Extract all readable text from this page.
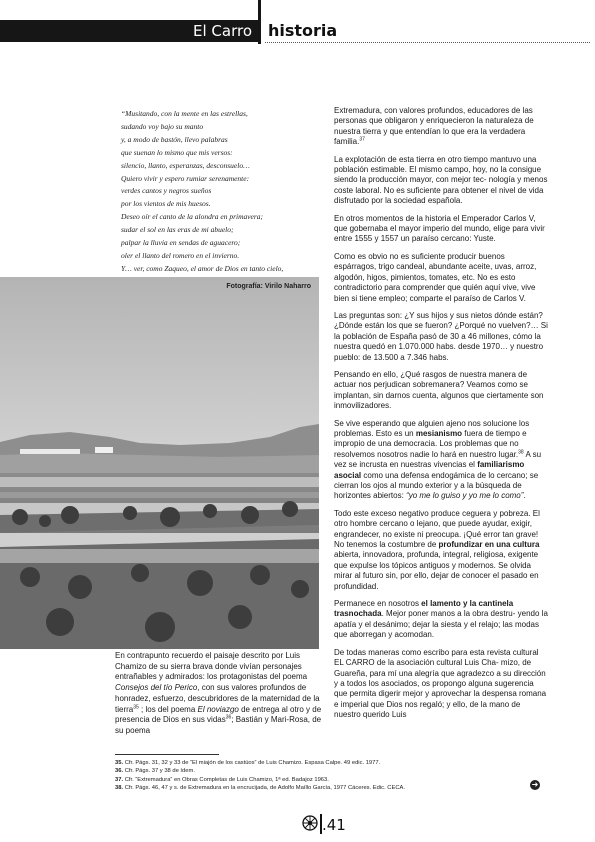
El Carro historia
“Musitando, con la mente en las estrellas,
sudando voy bajo su manto
y, a modo de bastón, llevo palabras
que suenan lo mismo que mis versos:
silencio, llanto, esperanzas, desconsuelo…
Quiero vivir y espero rumiar serenamente:
verdes cantos y negros sueños
por los vientos de mis huesos.
Deseo oír el canto de la alondra en primavera;
sudar el sol en las eras de mi abuelo;
palpar la lluvia en sendas de aguacero;
oler el llanto del romero en el invierno.
Y… ver, como Zaqueo, el amor de Dios en tanto cielo,
Fotografía: Virilo Naharro

En contrapunto recuerdo el paisaje descrito por Luis Chamizo de su sierra brava donde vivían personajes entrañables y admirados: los protagonistas del poema Consejos del tío Perico, con sus valores profundos de honradez, esfuerzo, descubridores de la maternidad de la tierra$^{35}$ ; los del poema El noviazgo de entrega al otro y de presencia de Dios en sus vidas$^{36}$; Bastián y Mari-Rosa, de su poema

Extremadura, con valores profundos, educadores de las personas que obligaron y enriquecieron la naturaleza de nuestra tierra y que entendían lo que era la verdadera familia.$^{37}$

La explotación de esta tierra en otro tiempo mantuvo una población estimable. El mismo campo, hoy, no la consigue siendo la producción mayor, con mejor tec- nología y menos coste laboral. No es suficiente para obtener el nivel de vida disfrutado por la sociedad española.

En otros momentos de la historia el Emperador Carlos V, que gobernaba el mayor imperio del mundo, elige para vivir entre 1555 y 1557 un paraíso cercano: Yuste.

Como es obvio no es suficiente producir buenos espárragos, trigo candeal, abundante aceite, uvas, arroz, algodón, higos, pimientos, tomates, etc. No es esto contradictorio para comprender que quién aquí vive, vive bien si tiene empleo; comparte el paraíso de Carlos V.

Las preguntas son: ¿Y sus hijos y sus nietos dónde están? ¿Dónde están los que se fueron? ¿Porqué no vuelven?… Si la población de España pasó de 30 a 46 millones, cómo la nuestra quedó en 1.070.000 habs. desde 1970… y nuestro pueblo: de 13.500 a 7.346 habs.

Pensando en ello, ¿Qué rasgos de nuestra manera de actuar nos perjudican sobremanera? Veamos como se implantan, sin darnos cuenta, algunos que ciertamente son inmovilizadores.

Se vive esperando que alguien ajeno nos solucione los problemas. Esto es un mesianismo fuera de tiempo e impropio de una democracia. Los problemas que no resolvemos nosotros nadie lo hará en nuestro lugar.$^{38}$ A su vez se incrusta en nuestras vivencias el familiarismo asocial como una defensa endogámica de lo cercano; se cierran los ojos al mundo exterior y a la búsqueda de horizontes abiertos: “yo me lo guiso y yo me lo como”.

Todo este exceso negativo produce ceguera y pobreza. El otro hombre cercano o lejano, que puede ayudar, exigir, engrandecer, no existe ni preocupa. ¡Qué error tan grave! No tenemos la costumbre de profundizar en una cultura abierta, innovadora, profunda, integral, religiosa, exigente que expulse los tópicos antiguos y modernos. Se olvida mirar al futuro sin, por ello, dejar de conocer el pasado en profundidad.

Permanece en nosotros el lamento y la cantinela trasnochada. Mejor poner manos a la obra destru- yendo la apatía y el desánimo; dejar la siesta y el relajo; las modas que aborregan y acomodan.

De todas maneras como escribo para esta revista cultural EL CARRO de la asociación cultural Luis Cha- mizo, de Guareña, para mí una alegría que agradezco a su dirección y a todos los asociados, os propongo alguna sugerencia que permita digerir mejor y aprovechar la despensa romana e imperial que Dios nos regaló; y ello, de la mano de nuestro querido Luis

35. Cfr. Págs. 31, 32 y 33 de “El miajón de los castúos” de Luis Chamizo. Espasa Calpe. 49 edic. 1977.
36. Cfr. Págs. 37 y 38 de ídem.
37. Cfr. “Extremadura” en Obras Completas de Luis Chamizo, 1ª ed. Badajoz 1963.
38. Cfr. Págs. 46, 47 y s. de Extremadura en la encrucijada, de Adolfo Maíllo García, 1977 Cáceres. Edic. CECA.	➜
.41
